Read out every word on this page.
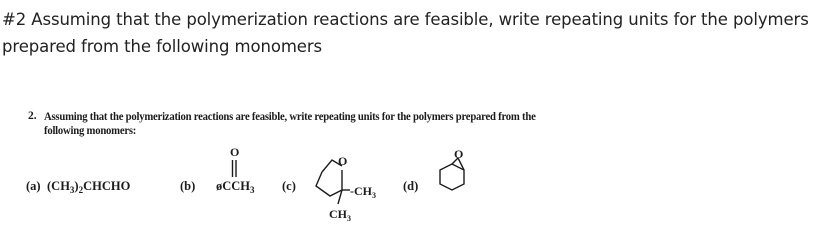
#2 Assuming that the polymerization reactions are feasible, write repeating units for the polymers prepared from the following monomers
2. Assuming that the polymerization reactions are feasible, write repeating units for the polymers prepared from the following monomers:
(a) $(CH_3)_2CHCHO$	(b)
O
øCCH$_3$ (c)
O
$-CH_3$
$CH_3$
(d)
O
